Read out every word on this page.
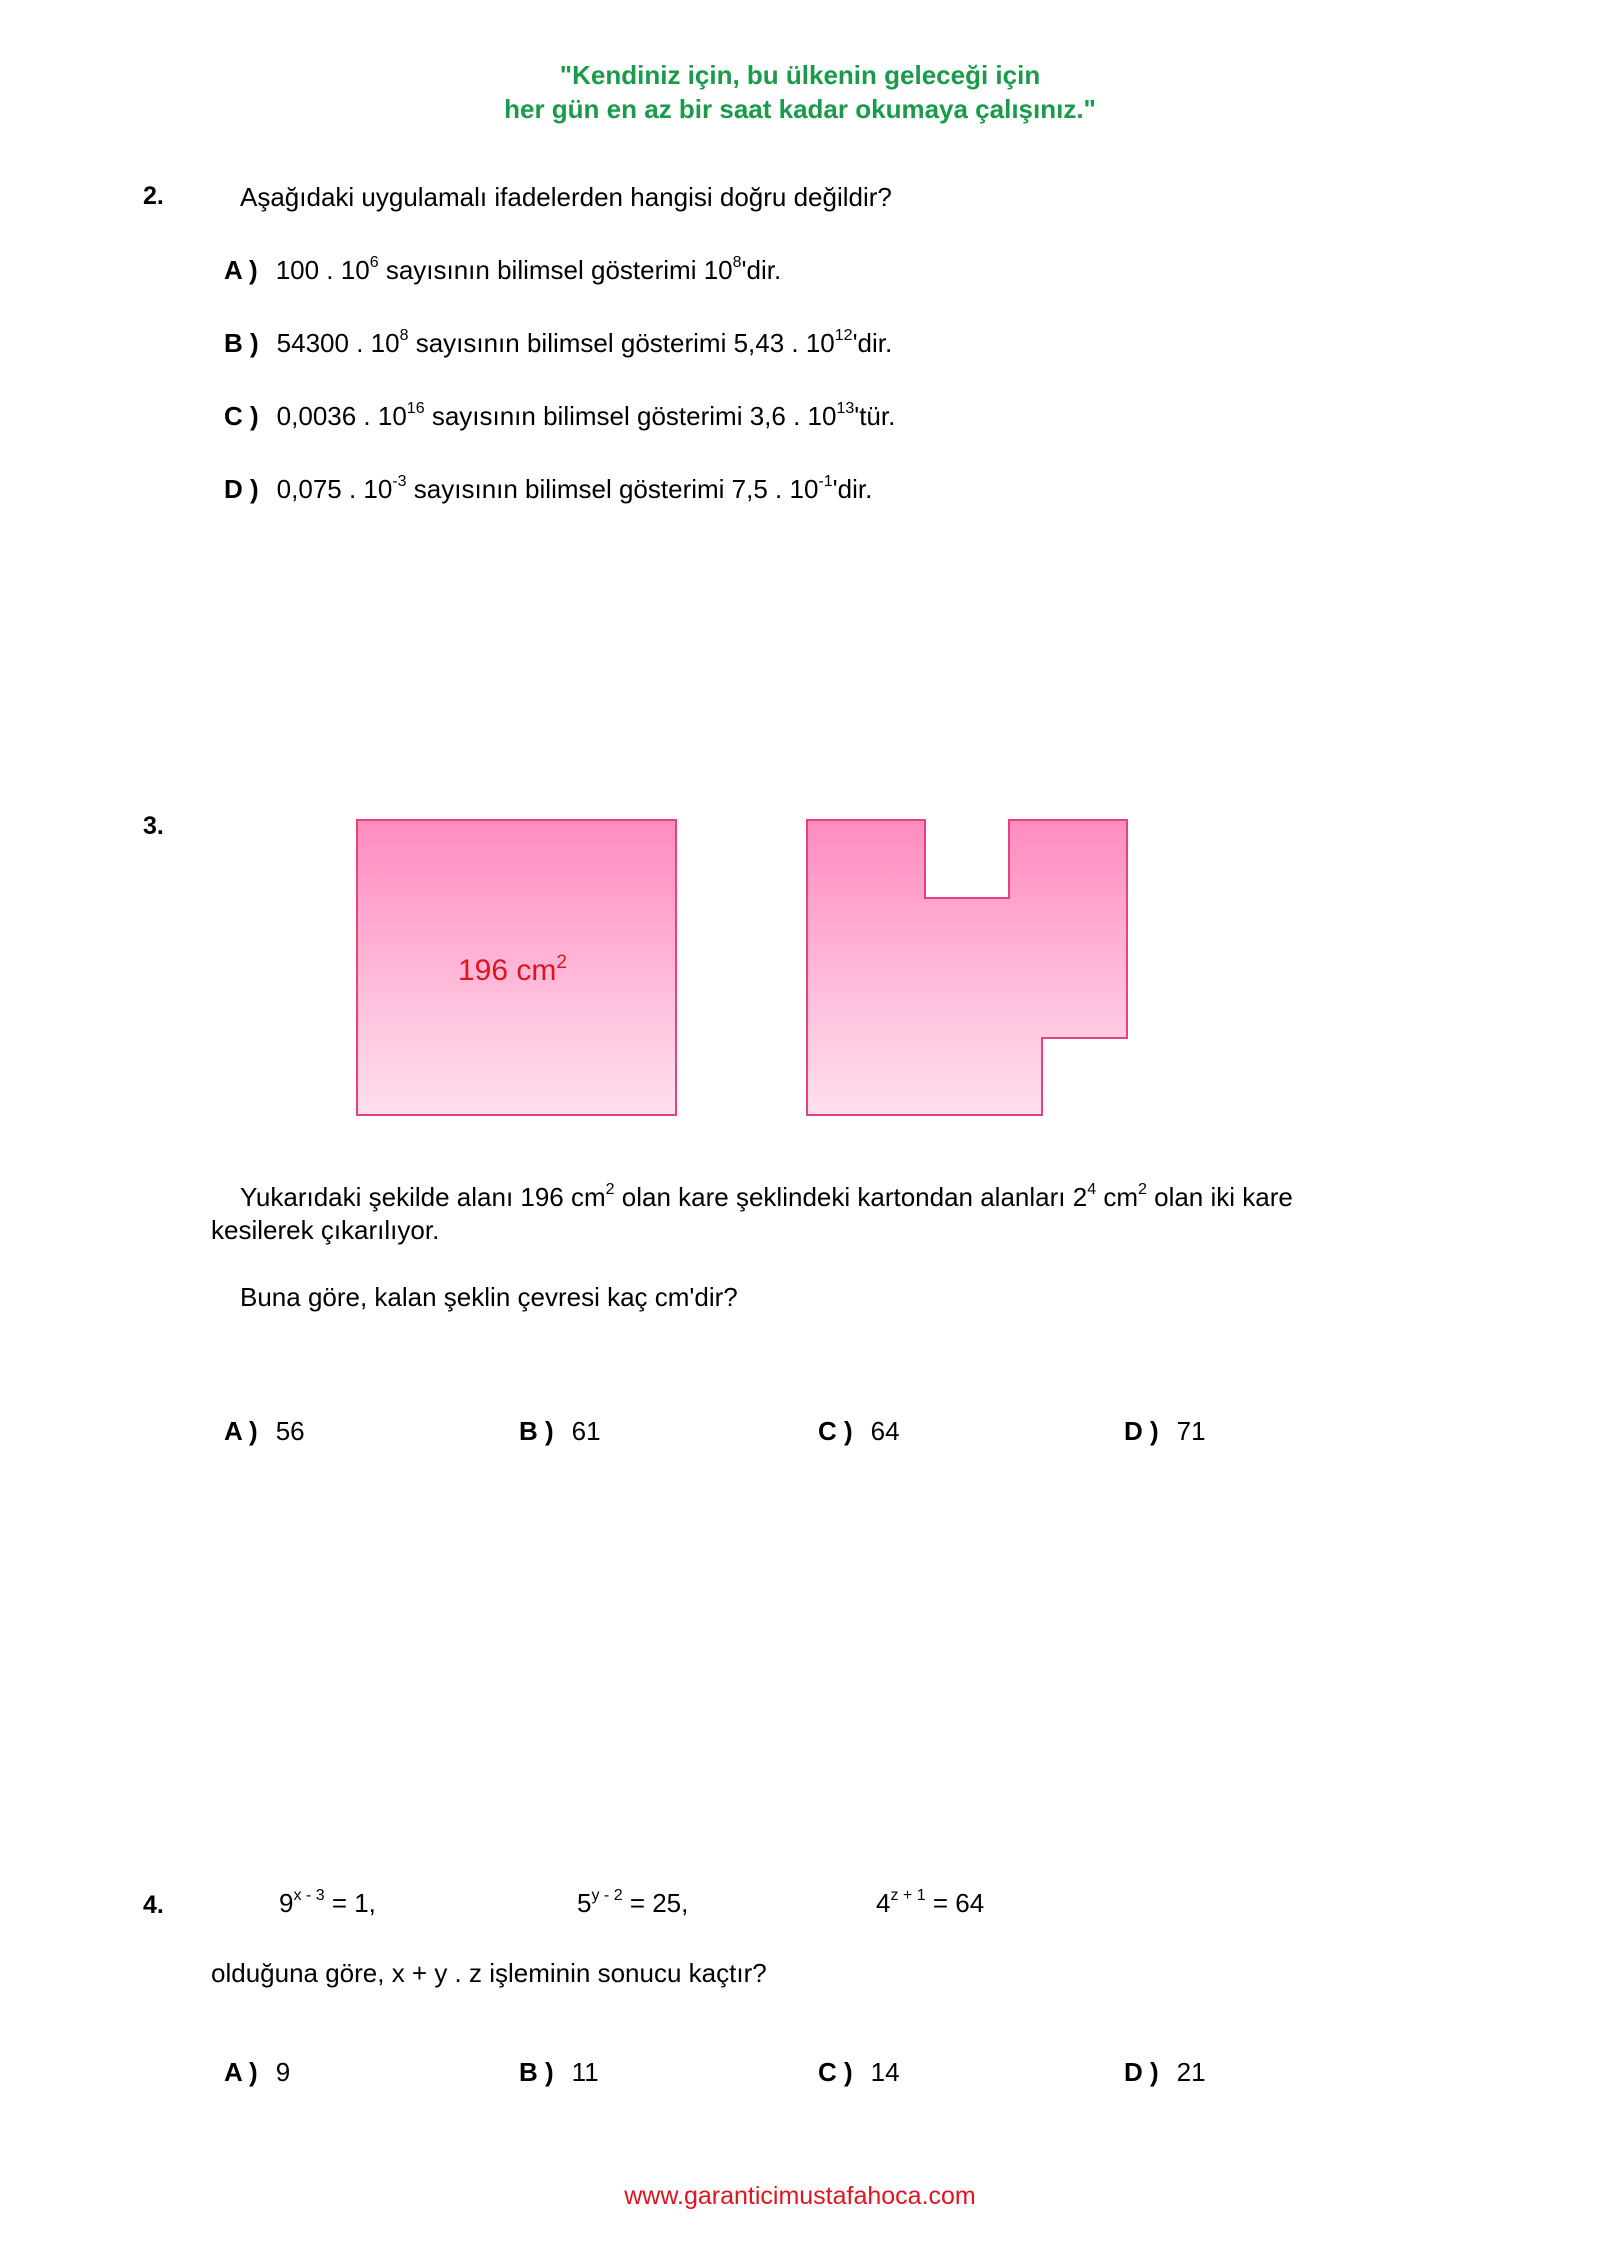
"Kendiniz için, bu ülkenin geleceği için
her gün en az bir saat kadar okumaya çalışınız."
2.	Aşağıdaki uygulamalı ifadelerden hangisi doğru değildir?
A ) 100 . $10^6$ sayısının bilimsel gösterimi $10^8'dir$.
B ) 54300 . $10^8$ sayısının bilimsel gösterimi 5,43 . $10^{12}'dir$.
C ) 0,0036 . $10^{16}$ sayısının bilimsel gösterimi 3,6 . $10^{13}'tür$.
D ) 0,075 . $10^{-3}$ sayısının bilimsel gösterimi 7,5 . $10^{-1}'dir$.
3.
196 $cm^2$
Yukarıdaki şekilde alanı 196 $cm^2$ olan kare şeklindeki kartondan alanları $2^4$ $cm^2$ olan iki kare
kesilerek çıkarılıyor.
Buna göre, kalan şeklin çevresi kaç cm'dir?
A ) 56	B ) 61	C ) 64	D ) 71
4.	$9^{x - 3} = 1$,	$5^{y - 2} = 25$,	$4^{z + 1} = 64$
olduğuna göre, x + y . z işleminin sonucu kaçtır?
A ) 9	B ) 11	C ) 14	D ) 21
www.garanticimustafahoca.com
